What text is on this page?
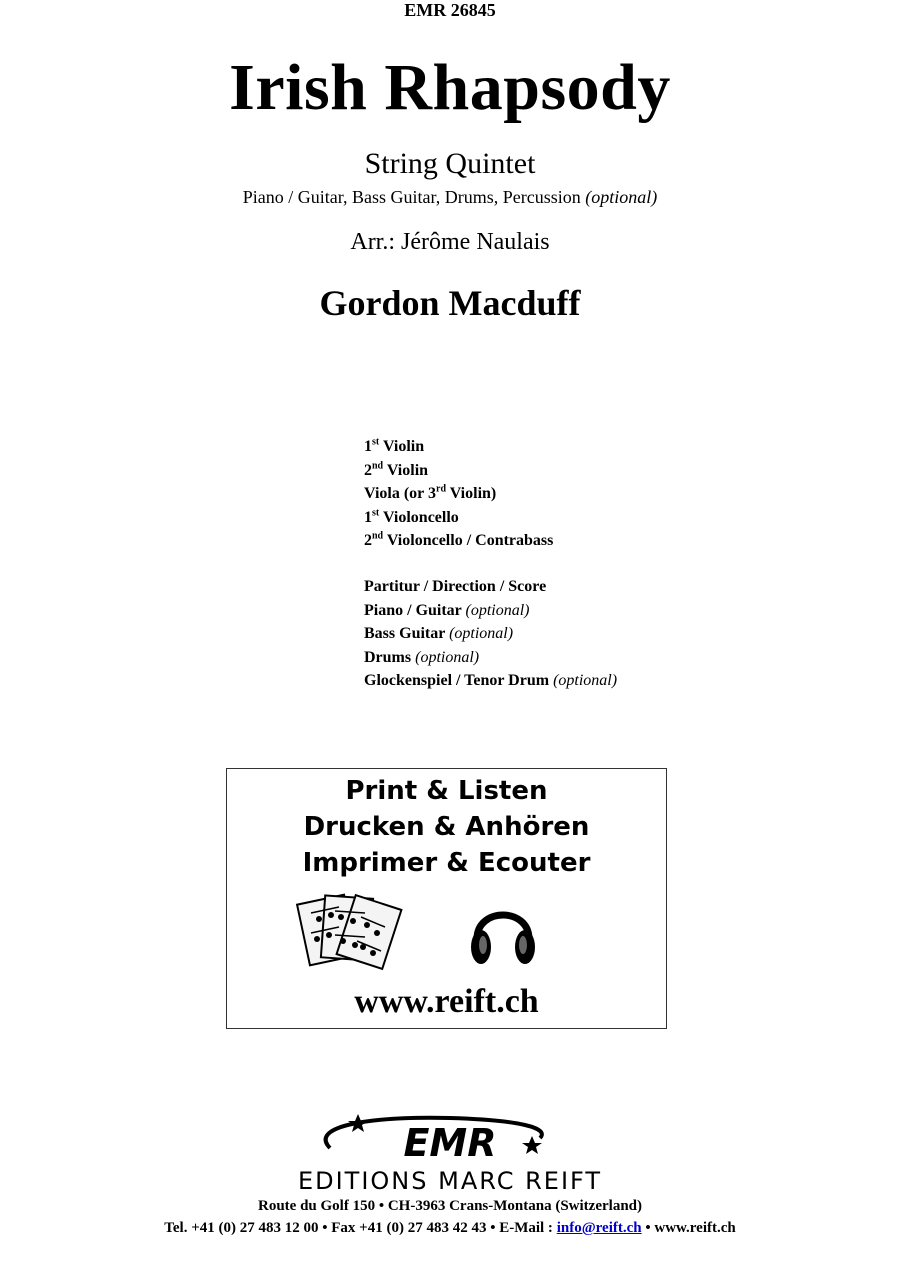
Irish Rhapsody
String Quintet
Piano / Guitar, Bass Guitar, Drums, Percussion (optional)
Arr.: Jérôme Naulais
Gordon Macduff
EMR 26845
1st Violin
2nd Violin
Viola (or 3rd Violin)
1st Violoncello
2nd Violoncello / Contrabass
Partitur / Direction / Score
Piano / Guitar (optional)
Bass Guitar (optional)
Drums (optional)
Glockenspiel / Tenor Drum (optional)
Print & Listen
Drucken & Anhören
Imprimer & Ecouter
www.reift.ch
EMR
EDITIONS MARC REIFT
Route du Golf 150 • CH-3963 Crans-Montana (Switzerland)
Tel. +41 (0) 27 483 12 00 • Fax +41 (0) 27 483 42 43 • E-Mail : info@reift.ch • www.reift.ch
